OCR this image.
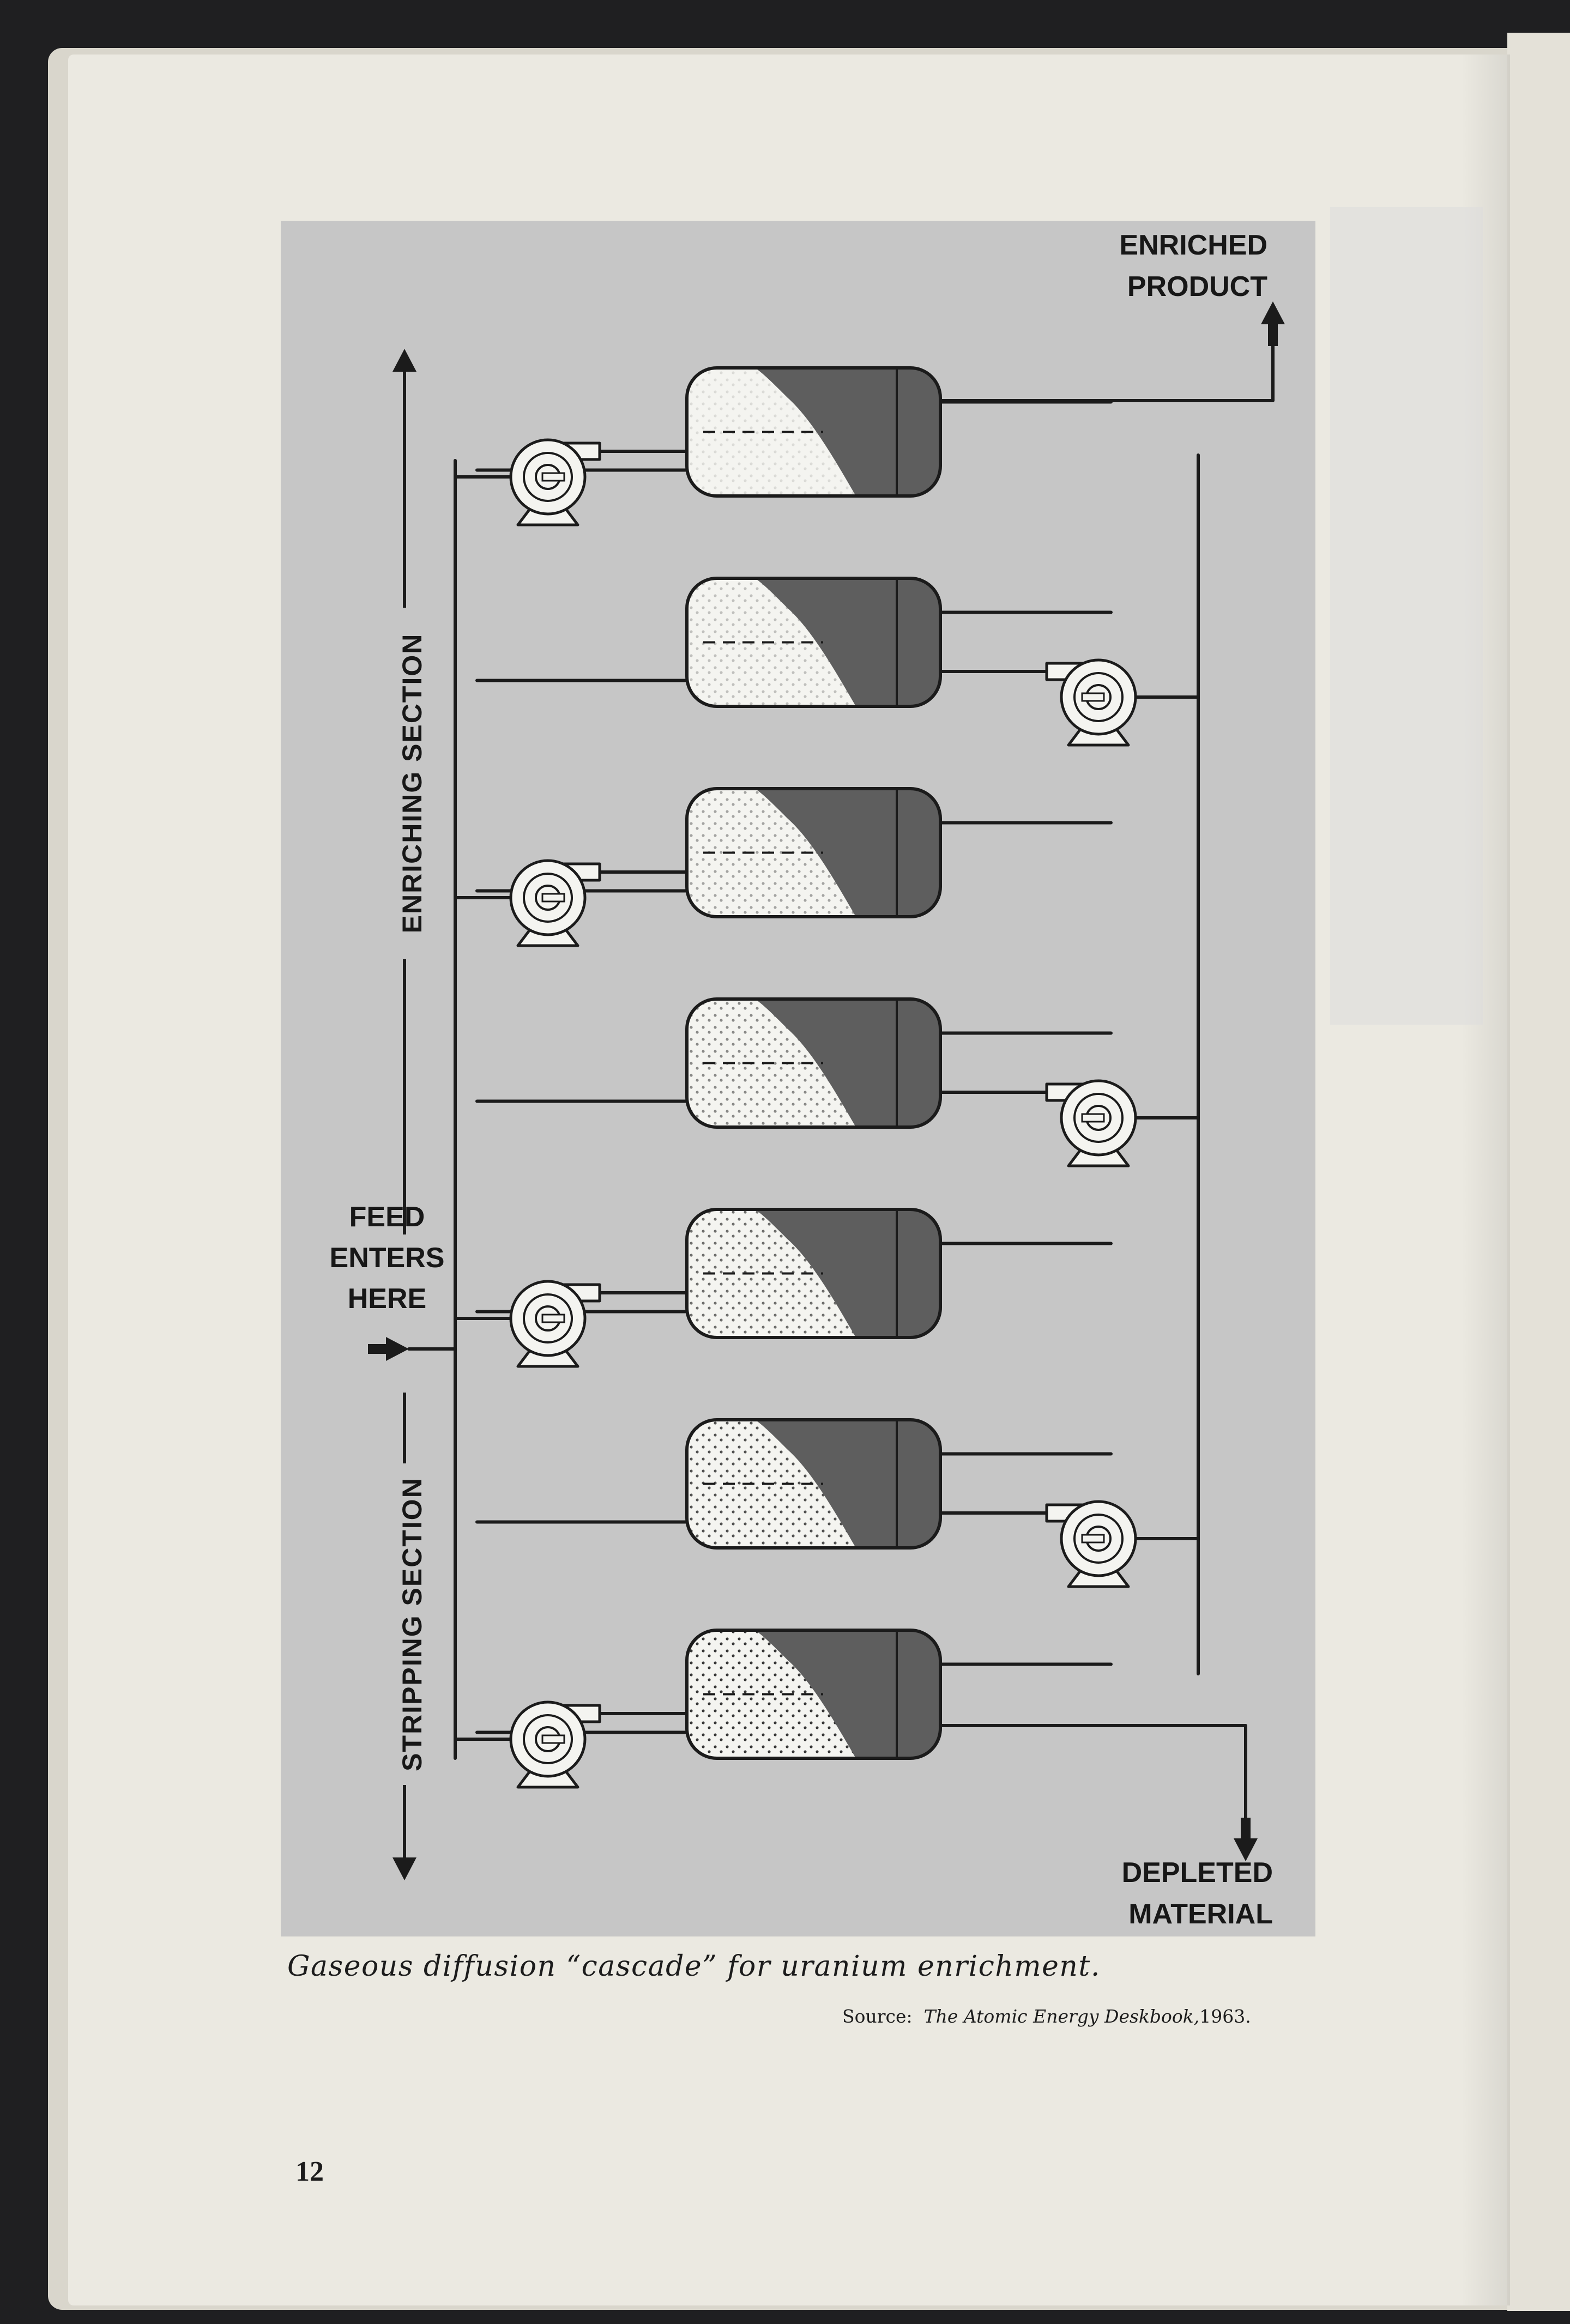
ENRICHED PRODUCT
DEPLETED MATERIAL
FEED ENTERS HERE
ENRICHING SECTION
STRIPPING SECTION
Gaseous diffusion “cascade” for uranium enrichment.
Source: The Atomic Energy Deskbook,1963.
12
